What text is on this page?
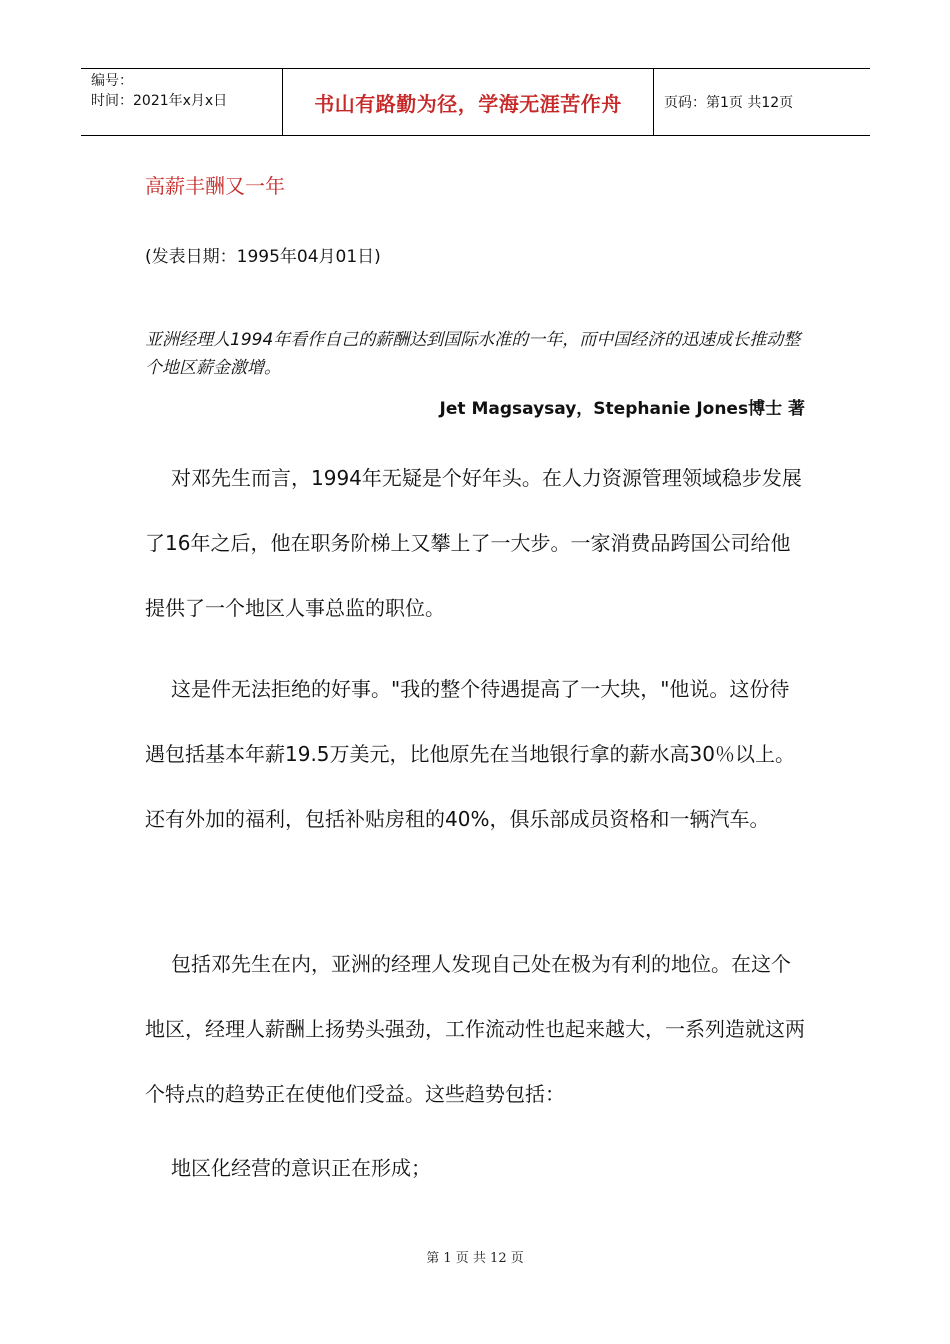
编号：
时间：2021年x月x日	书山有路勤为径，学海无涯苦作舟	页码：第1页 共12页
高薪丰酬又一年
(发表日期：1995年04月01日)
亚洲经理人1994年看作自己的薪酬达到国际水准的一年，而中国经济的迅速成长推动整个地区薪金激增。
Jet Magsaysay，Stephanie Jones博士 著
对邓先生而言，1994年无疑是个好年头。在人力资源管理领域稳步发展了16年之后，他在职务阶梯上又攀上了一大步。一家消费品跨国公司给他提供了一个地区人事总监的职位。
这是件无法拒绝的好事。"我的整个待遇提高了一大块，"他说。这份待遇包括基本年薪19.5万美元，比他原先在当地银行拿的薪水高30％以上。还有外加的福利，包括补贴房租的40%，俱乐部成员资格和一辆汽车。
包括邓先生在内，亚洲的经理人发现自己处在极为有利的地位。在这个地区，经理人薪酬上扬势头强劲，工作流动性也起来越大，一系列造就这两个特点的趋势正在使他们受益。这些趋势包括：
地区化经营的意识正在形成；
第 1 页 共 12 页
